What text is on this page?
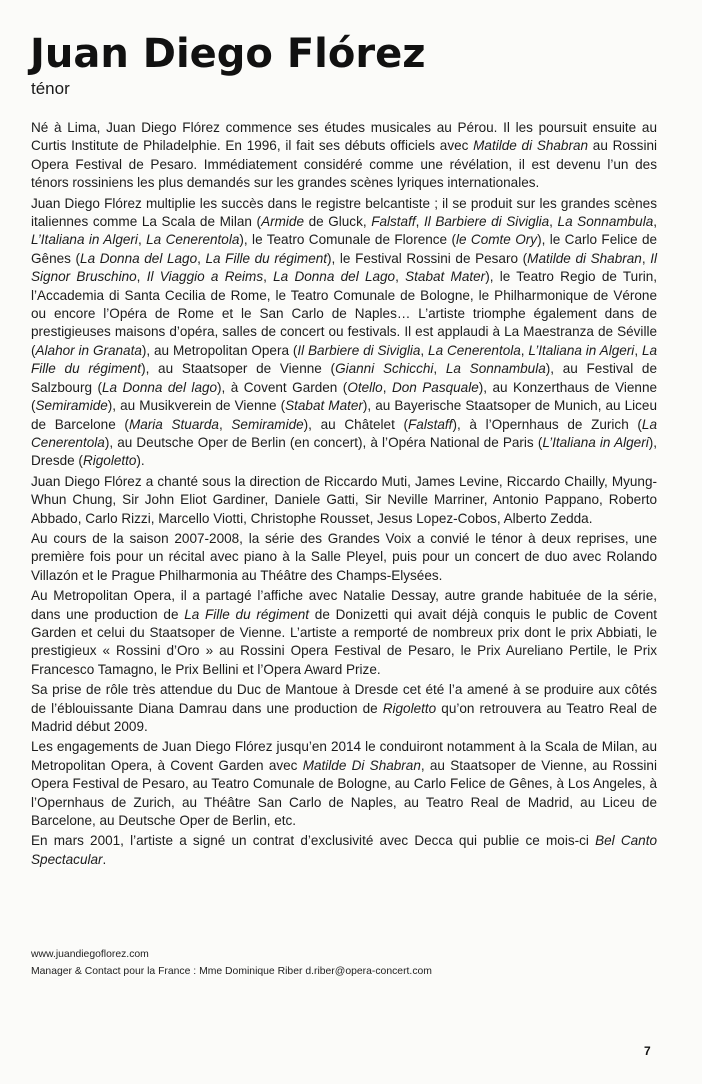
Juan Diego Flórez
ténor

Né à Lima, Juan Diego Flórez commence ses études musicales au Pérou. Il les poursuit ensuite au Curtis Institute de Philadelphie. En 1996, il fait ses débuts officiels avec Matilde di Shabran au Rossini Opera Festival de Pesaro. Immédiatement considéré comme une révélation, il est devenu l’un des ténors rossiniens les plus demandés sur les grandes scènes lyriques internationales.

Juan Diego Flórez multiplie les succès dans le registre belcantiste ; il se produit sur les grandes scènes italiennes comme La Scala de Milan (Armide de Gluck, Falstaff, Il Barbiere di Siviglia, La Sonnambula, L’Italiana in Algeri, La Cenerentola), le Teatro Comunale de Florence (le Comte Ory), le Carlo Felice de Gênes (La Donna del Lago, La Fille du régiment), le Festival Rossini de Pesaro (Matilde di Shabran, Il Signor Bruschino, Il Viaggio a Reims, La Donna del Lago, Stabat Mater), le Teatro Regio de Turin, l’Accademia di Santa Cecilia de Rome, le Teatro Comunale de Bologne, le Philharmonique de Vérone ou encore l’Opéra de Rome et le San Carlo de Naples… L’artiste triomphe également dans de prestigieuses maisons d’opéra, salles de concert ou festivals. Il est applaudi à La Maestranza de Séville (Alahor in Granata), au Metropolitan Opera (Il Barbiere di Siviglia, La Cenerentola, L’Italiana in Algeri, La Fille du régiment), au Staatsoper de Vienne (Gianni Schicchi, La Sonnambula), au Festival de Salzbourg (La Donna del lago), à Covent Garden (Otello, Don Pasquale), au Konzerthaus de Vienne (Semiramide), au Musikverein de Vienne (Stabat Mater), au Bayerische Staatsoper de Munich, au Liceu de Barcelone (Maria Stuarda, Semiramide), au Châtelet (Falstaff), à l’Opernhaus de Zurich (La Cenerentola), au Deutsche Oper de Berlin (en concert), à l’Opéra National de Paris (L’Italiana in Algeri), Dresde (Rigoletto).

Juan Diego Flórez a chanté sous la direction de Riccardo Muti, James Levine, Riccardo Chailly, Myung-Whun Chung, Sir John Eliot Gardiner, Daniele Gatti, Sir Neville Marriner, Antonio Pappano, Roberto Abbado, Carlo Rizzi, Marcello Viotti, Christophe Rousset, Jesus Lopez-Cobos, Alberto Zedda.

Au cours de la saison 2007-2008, la série des Grandes Voix a convié le ténor à deux reprises, une première fois pour un récital avec piano à la Salle Pleyel, puis pour un concert de duo avec Rolando Villazón et le Prague Philharmonia au Théâtre des Champs-Elysées.

Au Metropolitan Opera, il a partagé l’affiche avec Natalie Dessay, autre grande habituée de la série, dans une production de La Fille du régiment de Donizetti qui avait déjà conquis le public de Covent Garden et celui du Staatsoper de Vienne. L’artiste a remporté de nombreux prix dont le prix Abbiati, le prestigieux « Rossini d’Oro » au Rossini Opera Festival de Pesaro, le Prix Aureliano Pertile, le Prix Francesco Tamagno, le Prix Bellini et l’Opera Award Prize.

Sa prise de rôle très attendue du Duc de Mantoue à Dresde cet été l’a amené à se produire aux côtés de l’éblouissante Diana Damrau dans une production de Rigoletto qu’on retrouvera au Teatro Real de Madrid début 2009.

Les engagements de Juan Diego Flórez jusqu’en 2014 le conduiront notamment à la Scala de Milan, au Metropolitan Opera, à Covent Garden avec Matilde Di Shabran, au Staatsoper de Vienne, au Rossini Opera Festival de Pesaro, au Teatro Comunale de Bologne, au Carlo Felice de Gênes, à Los Angeles, à l’Opernhaus de Zurich, au Théâtre San Carlo de Naples, au Teatro Real de Madrid, au Liceu de Barcelone, au Deutsche Oper de Berlin, etc.

En mars 2001, l’artiste a signé un contrat d’exclusivité avec Decca qui publie ce mois-ci Bel Canto Spectacular.

www.juandiegoflorez.com
Manager & Contact pour la France : Mme Dominique Riber d.riber@opera-concert.com
7
